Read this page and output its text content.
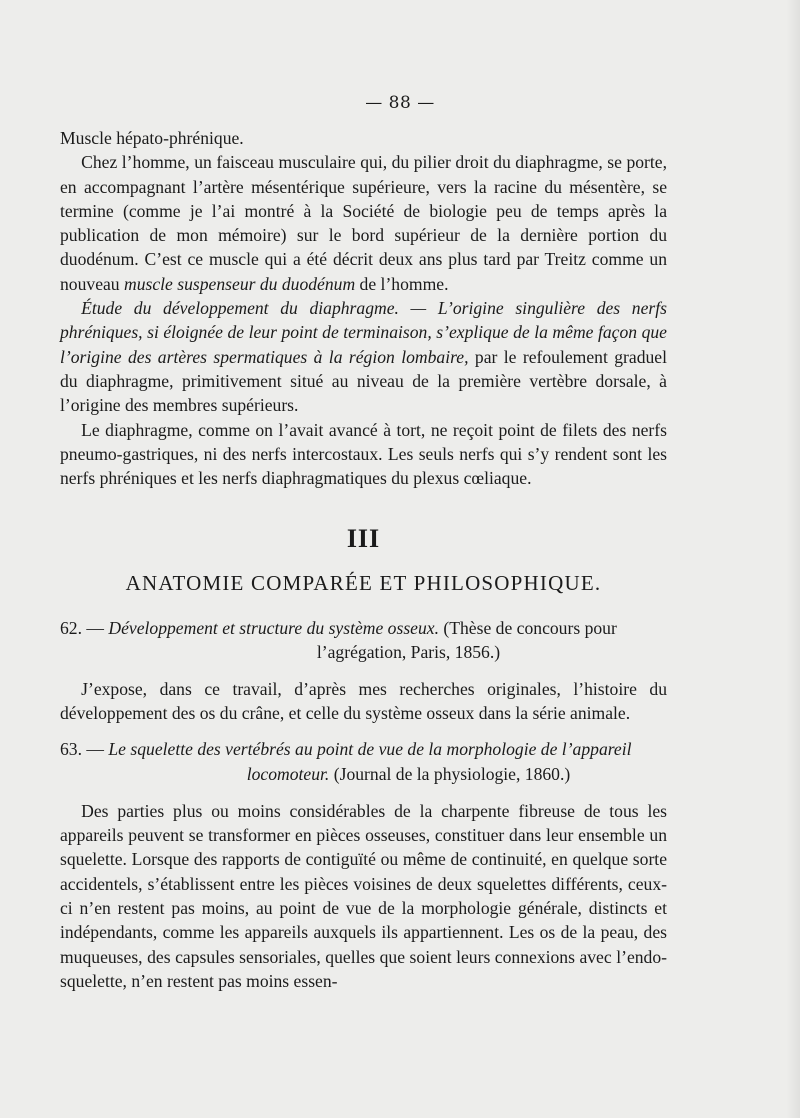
— 88 —

Muscle hépato-phrénique.

Chez l’homme, un faisceau musculaire qui, du pilier droit du diaphragme, se porte, en accompagnant l’artère mésentérique supérieure, vers la racine du mésentère, se termine (comme je l’ai montré à la Société de biologie peu de temps après la publication de mon mémoire) sur le bord supérieur de la dernière portion du duodénum. C’est ce muscle qui a été décrit deux ans plus tard par Treitz comme un nouveau muscle suspenseur du duodénum de l’homme.

Étude du développement du diaphragme. — L’origine singulière des nerfs phréniques, si éloignée de leur point de terminaison, s’explique de la même façon que l’origine des artères spermatiques à la région lombaire, par le refoulement graduel du diaphragme, primitivement situé au niveau de la première vertèbre dorsale, à l’origine des membres supérieurs.

Le diaphragme, comme on l’avait avancé à tort, ne reçoit point de filets des nerfs pneumo-gastriques, ni des nerfs intercostaux. Les seuls nerfs qui s’y rendent sont les nerfs phréniques et les nerfs diaphragmatiques du plexus cœliaque.

III
ANATOMIE COMPARÉE ET PHILOSOPHIQUE.

62. — Développement et structure du système osseux. (Thèse de concours pour

l’agrégation, Paris, 1856.)

J’expose, dans ce travail, d’après mes recherches originales, l’histoire du développement des os du crâne, et celle du système osseux dans la série animale.

63. — Le squelette des vertébrés au point de vue de la morphologie de l’appareil

locomoteur. (Journal de la physiologie, 1860.)

Des parties plus ou moins considérables de la charpente fibreuse de tous les appareils peuvent se transformer en pièces osseuses, constituer dans leur ensemble un squelette. Lorsque des rapports de contiguïté ou même de continuité, en quelque sorte accidentels, s’établissent entre les pièces voisines de deux squelettes différents, ceux-ci n’en restent pas moins, au point de vue de la morphologie générale, distincts et indépendants, comme les appareils auxquels ils appartiennent. Les os de la peau, des muqueuses, des capsules sensoriales, quelles que soient leurs connexions avec l’endo-squelette, n’en restent pas moins essen-
